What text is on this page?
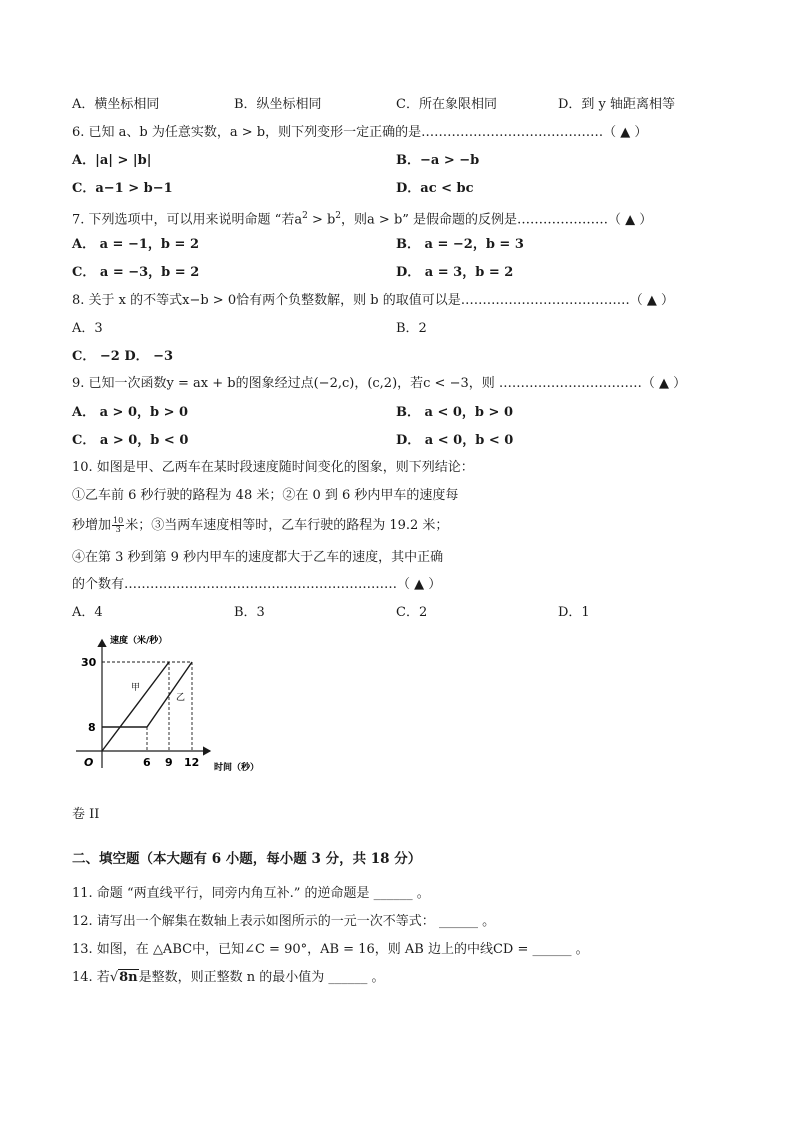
A．横坐标相同	B．纵坐标相同	C．所在象限相同	D．到 y 轴距离相等
6. 已知 a、b 为任意实数，a > b，则下列变形一定正确的是……………………………………（ ▲ ）
A．|a| > |b|	B．−a > −b
C．a−1 > b−1	D．ac < bc
7. 下列选项中，可以用来说明命题 “若$a^2 > b^2$，则a > b” 是假命题的反例是…………………（ ▲ ）
A． a = −1，b = 2	B． a = −2，b = 3
C． a = −3，b = 2	D． a = 3，b = 2
8. 关于 x 的不等式x−b > 0恰有两个负整数解，则 b 的取值可以是…………………………………（ ▲ ）
A．3	B．2
C． −2 D． −3
9. 已知一次函数y = ax + b的图象经过点(−2,c)，(c,2)，若c < −3，则 ……………………………（ ▲ ）
A． a > 0，b > 0	B． a < 0，b > 0
C． a > 0，b < 0	D． a < 0，b < 0
10. 如图是甲、乙两车在某时段速度随时间变化的图象，则下列结论：
①乙车前 6 秒行驶的路程为 48 米；②在 0 到 6 秒内甲车的速度每
秒增加 $\frac{10}{3}$ 米；③当两车速度相等时，乙车行驶的路程为 19.2 米；
④在第 3 秒到第 9 秒内甲车的速度都大于乙车的速度，其中正确
的个数有………………………………………………………（ ▲ ）
A．4	B．3	C．2	D．1
速度（米/秒）
时间（秒）
O
30
8
6 9 12
甲
乙
卷 II
二、填空题（本大题有 6 小题，每小题 3 分，共 18 分）
11. 命题 “两直线平行，同旁内角互补.” 的逆命题是 ______ 。
12. 请写出一个解集在数轴上表示如图所示的一元一次不等式： ______ 。
13. 如图，在 △ABC中，已知∠C = 90°，AB = 16，则 AB 边上的中线CD = ______ 。
14. 若√8n是整数，则正整数 n 的最小值为 ______ 。
